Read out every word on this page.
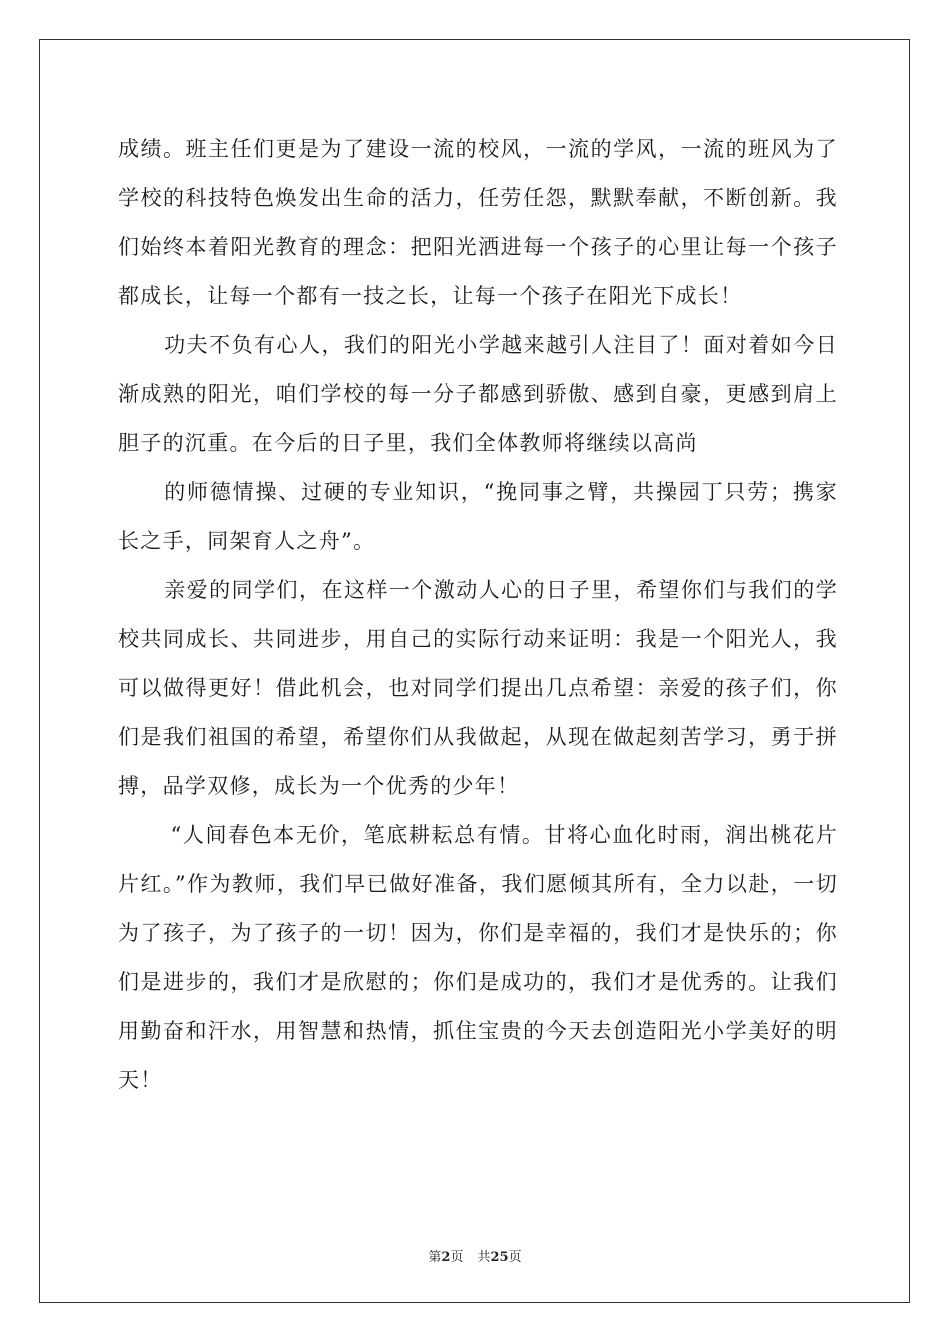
成绩。班主任们更是为了建设一流的校风，一流的学风，一流的班风为了学校的科技特色焕发出生命的活力，任劳任怨，默默奉献，不断创新。我们始终本着阳光教育的理念：把阳光洒进每一个孩子的心里让每一个孩子都成长，让每一个都有一技之长，让每一个孩子在阳光下成长！

功夫不负有心人，我们的阳光小学越来越引人注目了！面对着如今日渐成熟的阳光，咱们学校的每一分子都感到骄傲、感到自豪，更感到肩上胆子的沉重。在今后的日子里，我们全体教师将继续以高尚

的师德情操、过硬的专业知识，“挽同事之臂，共操园丁只劳；携家长之手，同架育人之舟”。

亲爱的同学们，在这样一个激动人心的日子里，希望你们与我们的学校共同成长、共同进步，用自己的实际行动来证明：我是一个阳光人，我可以做得更好！借此机会，也对同学们提出几点希望：亲爱的孩子们，你们是我们祖国的希望，希望你们从我做起，从现在做起刻苦学习，勇于拼搏，品学双修，成长为一个优秀的少年！

“人间春色本无价，笔底耕耘总有情。甘将心血化时雨，润出桃花片片红。”作为教师，我们早已做好准备，我们愿倾其所有，全力以赴，一切为了孩子，为了孩子的一切！因为，你们是幸福的，我们才是快乐的；你们是进步的，我们才是欣慰的；你们是成功的，我们才是优秀的。让我们用勤奋和汗水，用智慧和热情，抓住宝贵的今天去创造阳光小学美好的明天！

第2页 共25页
